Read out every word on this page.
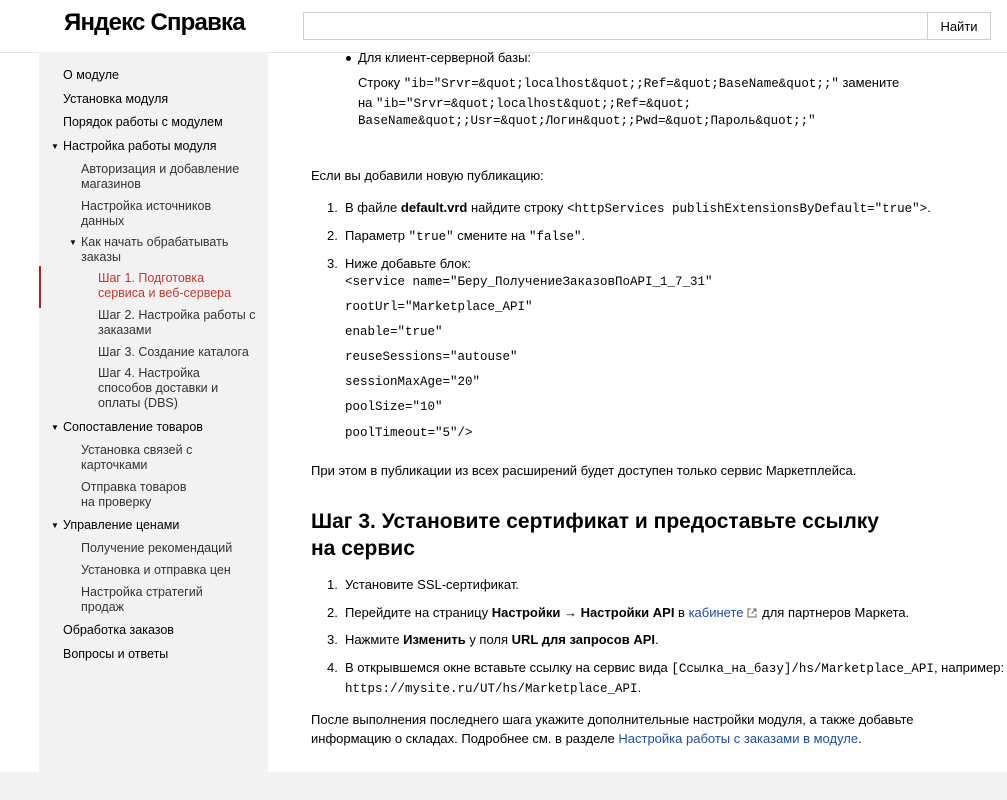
Яндекс Справка	Найти
О модуле
Установка модуля
Порядок работы с модулем
▼ Настройка работы модуля
Авторизация и добавление магазинов
Настройка источников данных
▼ Как начать обрабатывать заказы
Шаг 1. Подготовка сервиса и веб-сервера
Шаг 2. Настройка работы с заказами
Шаг 3. Создание каталога
Шаг 4. Настройка способов доставки и оплаты (DBS)
▼ Сопоставление товаров
Установка связей с карточками
Отправка товаров на проверку
▼ Управление ценами
Получение рекомендаций
Установка и отправка цен
Настройка стратегий продаж
Обработка заказов
Вопросы и ответы
Для клиент-серверной базы:
Строку "ib="Srvr=&quot;localhost&quot;;Ref=&quot;BaseName&quot;;" замените
на "ib="Srvr=&quot;localhost&quot;;Ref=&quot;
BaseName&quot;;Usr=&quot;Логин&quot;;Pwd=&quot;Пароль&quot;;"
Если вы добавили новую публикацию:
1. В файле default.vrd найдите строку <httpServices publishExtensionsByDefault="true">.
2. Параметр "true" смените на "false".
3. Ниже добавьте блок:
<service name="Беру_ПолучениеЗаказовПоAPI_1_7_31"
rootUrl="Marketplace_API"
enable="true"
reuseSessions="autouse"
sessionMaxAge="20"
poolSize="10"
poolTimeout="5"/>
При этом в публикации из всех расширений будет доступен только сервис Маркетплейса.
Шаг 3. Установите сертификат и предоставьте ссылку
на сервис
1. Установите SSL-сертификат.
2. Перейдите на страницу Настройки → Настройки API в кабинете для партнеров Маркета.
3. Нажмите Изменить у поля URL для запросов API.
4. В открывшемся окне вставьте ссылку на сервис вида [Ссылка_на_базу]/hs/Marketplace_API, например:
https://mysite.ru/UT/hs/Marketplace_API.
После выполнения последнего шага укажите дополнительные настройки модуля, а также добавьте
информацию о складах. Подробнее см. в разделе Настройка работы с заказами в модуле.
